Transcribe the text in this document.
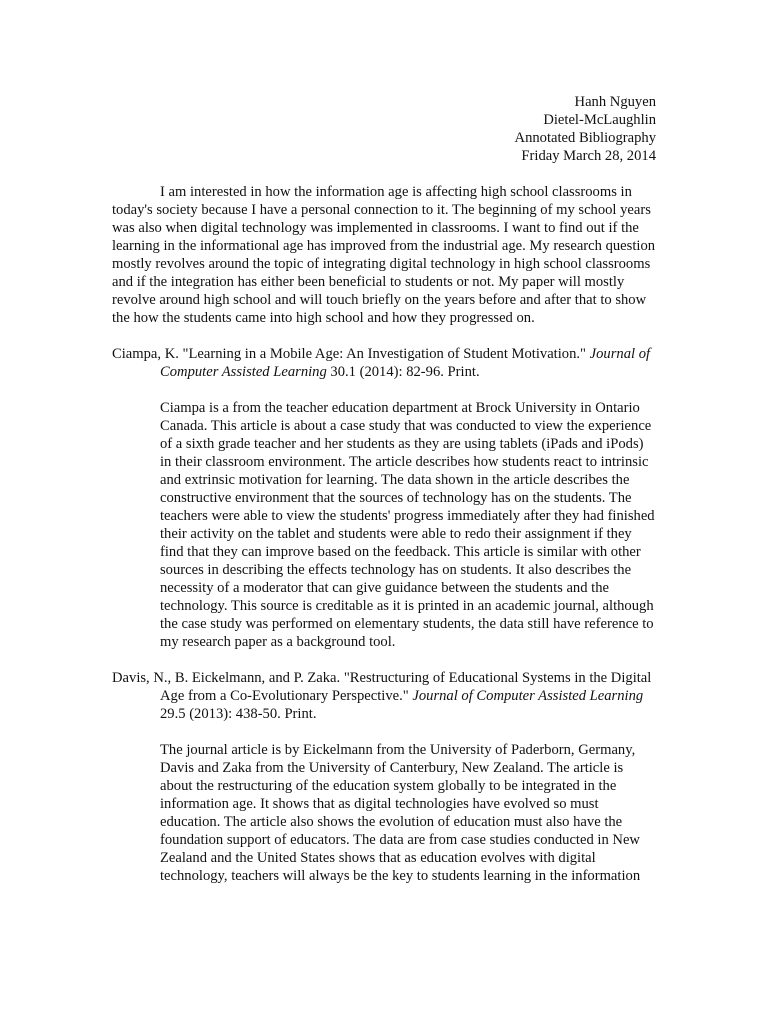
Hanh Nguyen
Dietel-McLaughlin
Annotated Bibliography
Friday March 28, 2014

I am interested in how the information age is affecting high school classrooms in today's society because I have a personal connection to it. The beginning of my school years was also when digital technology was implemented in classrooms. I want to find out if the learning in the informational age has improved from the industrial age. My research question mostly revolves around the topic of integrating digital technology in high school classrooms and if the integration has either been beneficial to students or not. My paper will mostly revolve around high school and will touch briefly on the years before and after that to show the how the students came into high school and how they progressed on.

Ciampa, K. "Learning in a Mobile Age: An Investigation of Student Motivation." Journal of Computer Assisted Learning 30.1 (2014): 82-96. Print.

Ciampa is a from the teacher education department at Brock University in Ontario Canada. This article is about a case study that was conducted to view the experience of a sixth grade teacher and her students as they are using tablets (iPads and iPods) in their classroom environment. The article describes how students react to intrinsic and extrinsic motivation for learning. The data shown in the article describes the constructive environment that the sources of technology has on the students. The teachers were able to view the students' progress immediately after they had finished their activity on the tablet and students were able to redo their assignment if they find that they can improve based on the feedback. This article is similar with other sources in describing the effects technology has on students. It also describes the necessity of a moderator that can give guidance between the students and the technology. This source is creditable as it is printed in an academic journal, although the case study was performed on elementary students, the data still have reference to my research paper as a background tool.

Davis, N., B. Eickelmann, and P. Zaka. "Restructuring of Educational Systems in the Digital Age from a Co-Evolutionary Perspective." Journal of Computer Assisted Learning 29.5 (2013): 438-50. Print.

The journal article is by Eickelmann from the University of Paderborn, Germany, Davis and Zaka from the University of Canterbury, New Zealand. The article is about the restructuring of the education system globally to be integrated in the information age. It shows that as digital technologies have evolved so must education. The article also shows the evolution of education must also have the foundation support of educators. The data are from case studies conducted in New Zealand and the United States shows that as education evolves with digital technology, teachers will always be the key to students learning in the information
